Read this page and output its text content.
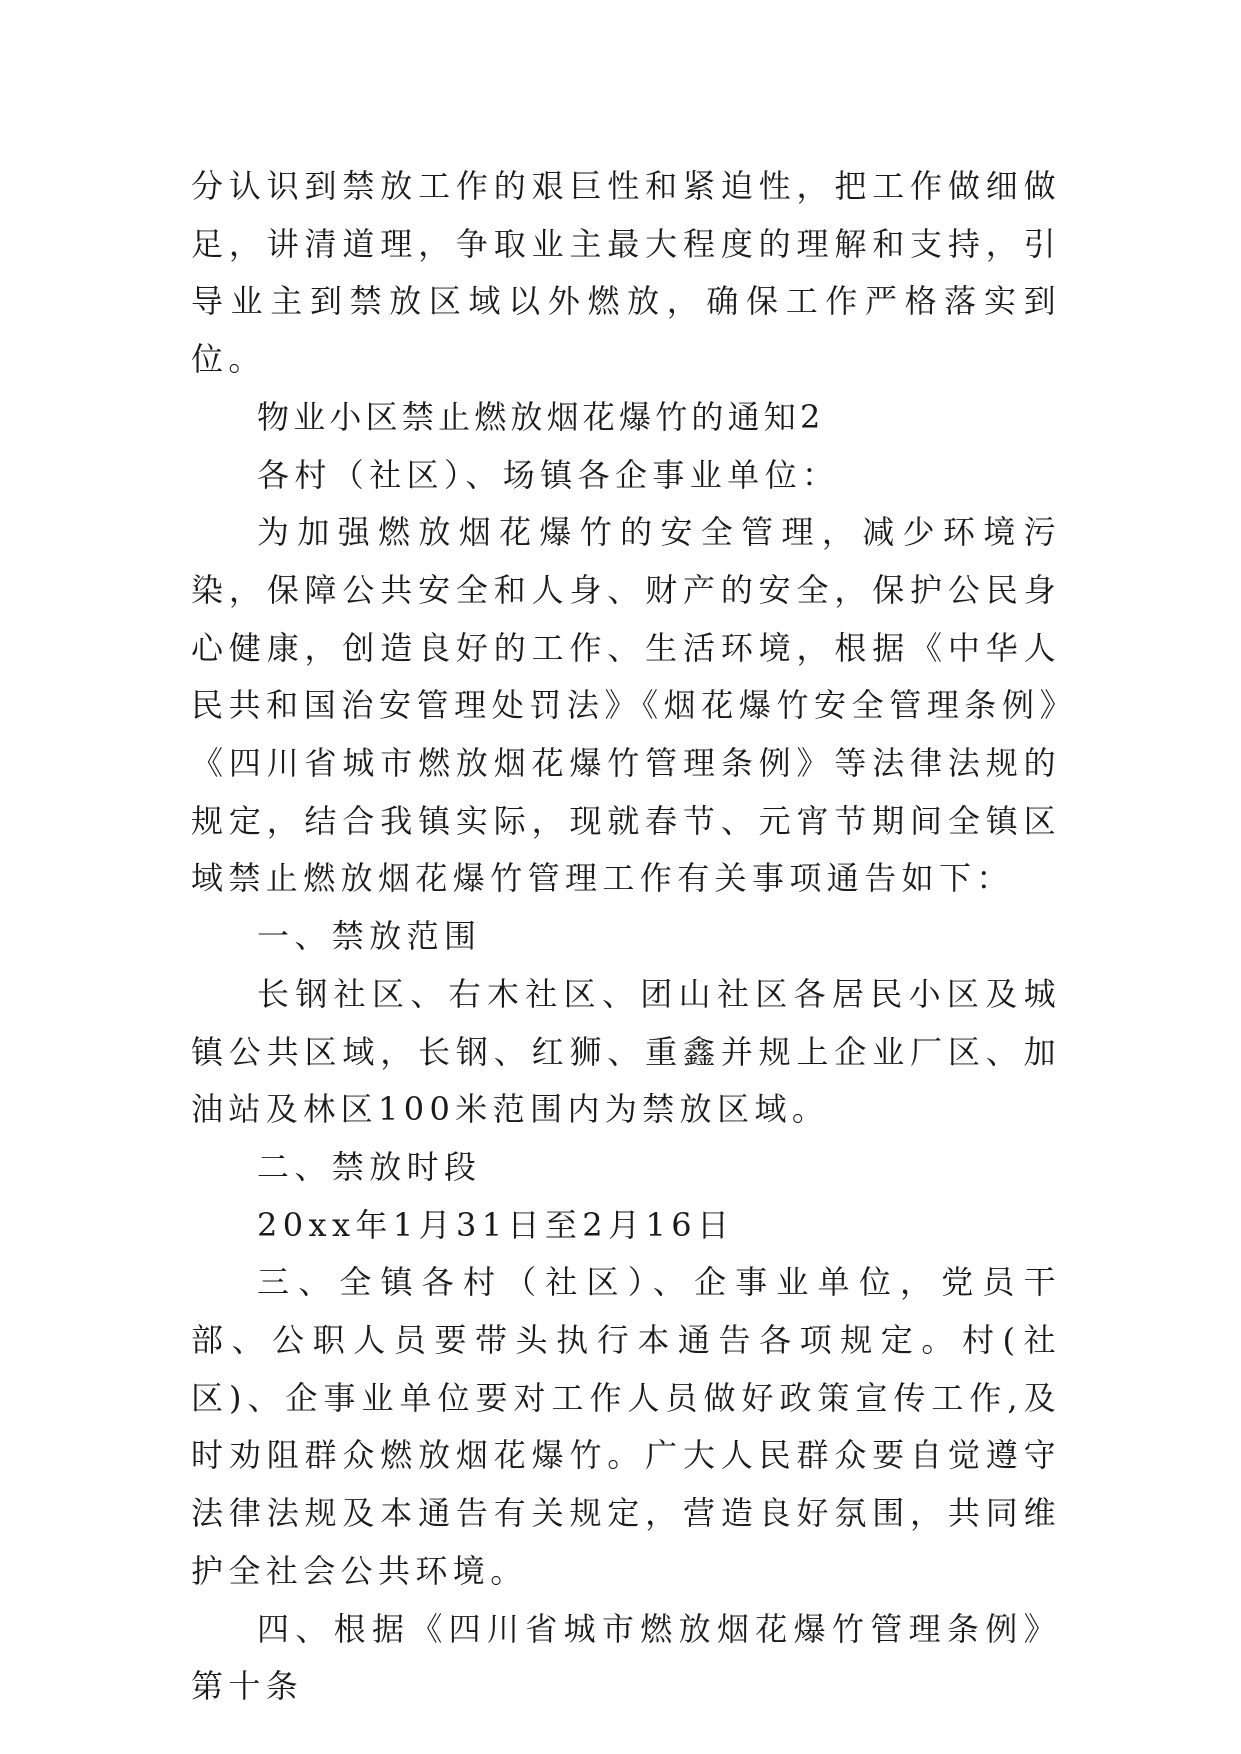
分认识到禁放工作的艰巨性和紧迫性，把工作做细做足，讲清道理，争取业主最大程度的理解和支持，引导业主到禁放区域以外燃放，确保工作严格落实到位。

物业小区禁止燃放烟花爆竹的通知2

各村（社区）、场镇各企事业单位：

为加强燃放烟花爆竹的安全管理，减少环境污染，保障公共安全和人身、财产的安全，保护公民身心健康，创造良好的工作、生活环境，根据《中华人民共和国治安管理处罚法》《烟花爆竹安全管理条例》《四川省城市燃放烟花爆竹管理条例》等法律法规的规定，结合我镇实际，现就春节、元宵节期间全镇区域禁止燃放烟花爆竹管理工作有关事项通告如下：

一、禁放范围

长钢社区、右木社区、团山社区各居民小区及城镇公共区域，长钢、红狮、重鑫并规上企业厂区、加油站及林区100米范围内为禁放区域。

二、禁放时段

20xx年1月31日至2月16日

三、全镇各村（社区）、企事业单位，党员干部、公职人员要带头执行本通告各项规定。村(社区)、企事业单位要对工作人员做好政策宣传工作,及时劝阻群众燃放烟花爆竹。广大人民群众要自觉遵守法律法规及本通告有关规定，营造良好氛围，共同维护全社会公共环境。

四、根据《四川省城市燃放烟花爆竹管理条例》第十条
